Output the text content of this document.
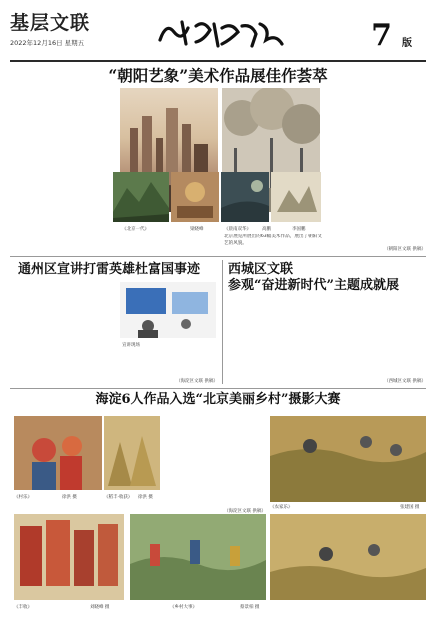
基层文联
2022年12月16日 星期五	7 版
“朝阳艺象”美术作品展佳作荟萃
《北京一代》	梁晓峰	《晨南双华》 高鹏	李国鹏
北京展览所展出的63幅美术作品，展出了朝阳文艺的风貌。
（朝阳区文联 供稿）
通州区宣讲打雷英雄杜富国事迹
宣讲现场
（海淀区文联 供稿）
西城区文联
参观“奋进新时代”主题成就展
（西城区文联 供稿）
海淀6人作品入选“北京美丽乡村”摄影大赛
《村乐》	徐洪 摄	《稻丰·收获》 徐洪 摄
（海淀区文联 供稿）
《农家乐》	张建国 摄
《丰收》	刘晓峰 摄	《乡村大事》	蔡景柏 摄
